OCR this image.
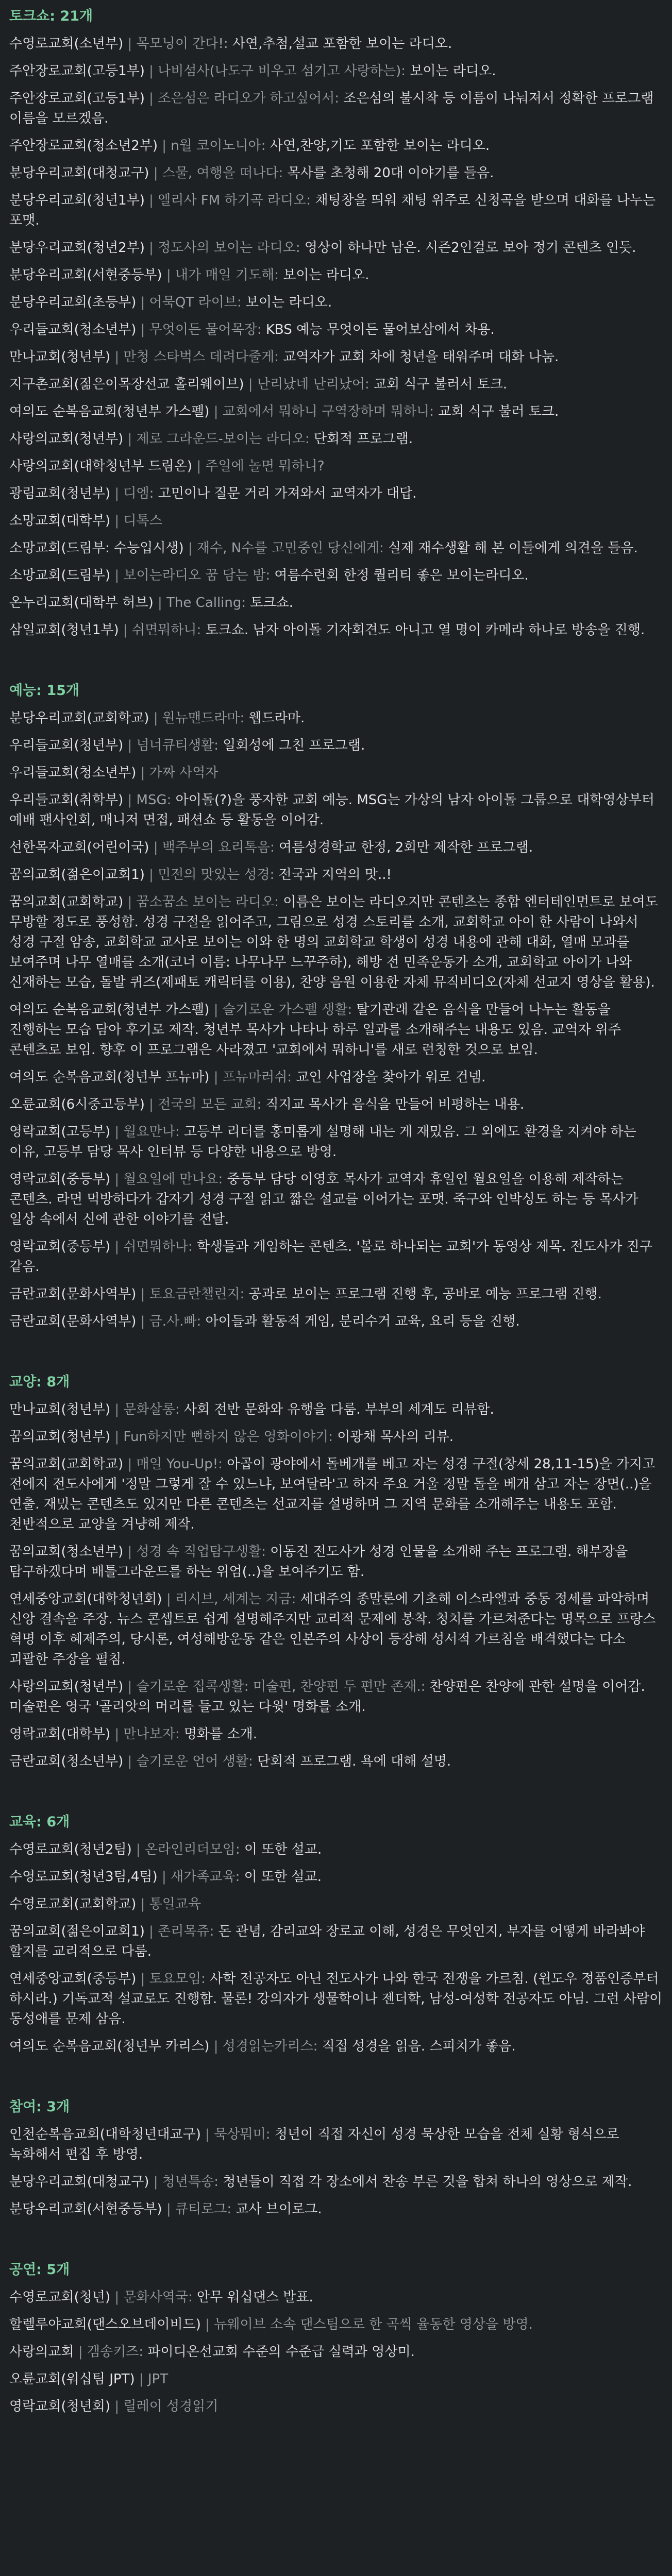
토크쇼: 21개
수영로교회(소년부) | 목모닝이 간다!: 사연,추첨,설교 포함한 보이는 라디오.
주안장로교회(고등1부) | 나비섬사(나도구 비우고 섬기고 사랑하는): 보이는 라디오.
주안장로교회(고등1부) | 조은섬은 라디오가 하고싶어서: 조은섬의 불시착 등 이름이 나눠져서 정확한 프로그램 이름을 모르겠음.
주안장로교회(청소년2부) | n월 코이노니아: 사연,찬양,기도 포함한 보이는 라디오.
분당우리교회(대청교구) | 스물, 여행을 떠나다: 목사를 초청해 20대 이야기를 들음.
분당우리교회(청년1부) | 엘리사 FM 하기곡 라디오: 채팅창을 띄워 채팅 위주로 신청곡을 받으며 대화를 나누는 포맷.
분당우리교회(청년2부) | 정도사의 보이는 라디오: 영상이 하나만 남은. 시즌2인걸로 보아 정기 콘텐츠 인듯.
분당우리교회(서현중등부) | 내가 매일 기도해: 보이는 라디오.
분당우리교회(초등부) | 어묵QT 라이브: 보이는 라디오.
우리들교회(청소년부) | 무엇이든 물어목장: KBS 예능 무엇이든 물어보삼에서 차용.
만나교회(청년부) | 만청 스타벅스 데려다줄게: 교역자가 교회 차에 청년을 태워주며 대화 나눔.
지구촌교회(젊은이목장선교 홀리웨이브) | 난리났네 난리났어: 교회 식구 불러서 토크.
여의도 순복음교회(청년부 가스펠) | 교회에서 뭐하니 구역장하며 뭐하니: 교회 식구 불러 토크.
사랑의교회(청년부) | 제로 그라운드-보이는 라디오: 단회적 프로그램.
사랑의교회(대학청년부 드림온) | 주일에 놀면 뭐하니?
광림교회(청년부) | 디엠: 고민이나 질문 거리 가져와서 교역자가 대답.
소망교회(대학부) | 디톡스
소망교회(드림부: 수능입시생) | 재수, N수를 고민중인 당신에게: 실제 재수생활 해 본 이들에게 의견을 들음.
소망교회(드림부) | 보이는라디오 꿈 담는 밤: 여름수련회 한정 퀄리티 좋은 보이는라디오.
온누리교회(대학부 허브) | The Calling: 토크쇼.
삼일교회(청년1부) | 쉬면뭐하니: 토크쇼. 남자 아이돌 기자회견도 아니고 열 명이 카메라 하나로 방송을 진행.
예능: 15개
분당우리교회(교회학교) | 원뉴맨드라마: 웹드라마.
우리들교회(청년부) | 넘너큐티생활: 일회성에 그친 프로그램.
우리들교회(청소년부) | 가짜 사역자
우리들교회(취학부) | MSG: 아이돌(?)을 풍자한 교회 예능. MSG는 가상의 남자 아이돌 그룹으로 대학영상부터 예배 팬사인회, 매니저 면접, 패션쇼 등 활동을 이어감.
선한목자교회(어린이국) | 백주부의 요리톡음: 여름성경학교 한정, 2회만 제작한 프로그램.
꿈의교회(젊은이교회1) | 민전의 맛있는 성경: 전국과 지역의 맛..!
꿈의교회(교회학교) | 꿈소꿈소 보이는 라디오: 이름은 보이는 라디오지만 콘텐츠는 종합 엔터테인먼트로 보여도 무방할 정도로 풍성함. 성경 구절을 읽어주고, 그림으로 성경 스토리를 소개, 교회학교 아이 한 사람이 나와서 성경 구절 암송, 교회학교 교사로 보이는 이와 한 명의 교회학교 학생이 성경 내용에 관해 대화, 열매 모과를 보여주며 나무 열매를 소개(코너 이름: 나무나무 느꾸주하), 해방 전 민족운동가 소개, 교회학교 아이가 나와 신재하는 모습, 돌발 퀴즈(제패토 캐릭터를 이용), 찬양 음원 이용한 자체 뮤직비디오(자체 선교지 영상을 활용).
여의도 순복음교회(청년부 가스펠) | 슬기로운 가스펠 생활: 탈기관래 같은 음식을 만들어 나누는 활동을 진행하는 모습 담아 후기로 제작. 청년부 목사가 나타나 하루 일과를 소개해주는 내용도 있음. 교역자 위주 콘텐츠로 보임. 향후 이 프로그램은 사라졌고 '교회에서 뭐하니'를 새로 런칭한 것으로 보임.
여의도 순복음교회(청년부 프뉴마) | 프뉴마러쉬: 교인 사업장을 찾아가 워로 건넴.
오륜교회(6시중고등부) | 전국의 모든 교회: 직지교 목사가 음식을 만들어 비평하는 내용.
영락교회(고등부) | 월요만나: 고등부 리더를 홍미롭게 설명해 내는 게 재밌음. 그 외에도 환경을 지켜야 하는 이유, 고등부 담당 목사 인터뷰 등 다양한 내용으로 방영.
영락교회(중등부) | 월요일에 만나요: 중등부 담당 이영호 목사가 교역자 휴일인 월요일을 이용해 제작하는 콘텐츠. 라면 먹방하다가 갑자기 성경 구절 읽고 짧은 설교를 이어가는 포맷. 죽구와 인박싱도 하는 등 목사가 일상 속에서 신에 관한 이야기를 전달.
영락교회(중등부) | 쉬면뭐하나: 학생들과 게임하는 콘텐츠. '볼로 하나되는 교회'가 동영상 제목. 전도사가 진구 같음.
금란교회(문화사역부) | 토요금란챌린지: 공과로 보이는 프로그램 진행 후, 공바로 예능 프로그램 진행.
금란교회(문화사역부) | 금.사.빠: 아이들과 활동적 게임, 분리수거 교육, 요리 등을 진행.
교양: 8개
만나교회(청년부) | 문화살롱: 사회 전반 문화와 유행을 다룸. 부부의 세계도 리뷰함.
꿈의교회(청년부) | Fun하지만 뻔하지 않은 영화이야기: 이광채 목사의 리뷰.
꿈의교회(교회학교) | 매일 You-Up!: 아곱이 광야에서 돌베개를 베고 자는 성경 구절(창세 28,11-15)을 가지고 전에지 전도사에게 '정말 그렇게 잘 수 있느냐, 보여달라'고 하자 주요 거울 정말 돌을 베개 삼고 자는 장면(..)을 연출. 재밌는 콘텐츠도 있지만 다른 콘텐츠는 선교지를 설명하며 그 지역 문화를 소개해주는 내용도 포함. 천반적으로 교양을 겨냥해 제작.
꿈의교회(청소년부) | 성경 속 직업탐구생활: 이동진 전도사가 성경 인물을 소개해 주는 프로그램. 해부장을 탐구하겠다며 배틀그라운드를 하는 위엄(..)을 보여주기도 함.
연세중앙교회(대학청년회) | 리시브, 세계는 지금: 세대주의 종말론에 기초해 이스라엘과 중동 정세를 파악하며 신앙 결속을 주장. 뉴스 콘셉트로 쉽게 설명해주지만 교리적 문제에 봉착. 청치를 가르쳐준다는 명목으로 프랑스 혁명 이후 혜제주의, 당시론, 여성해방운동 같은 인본주의 사상이 등장해 성서적 가르침을 배격했다는 다소 괴팔한 주장을 펼침.
사랑의교회(청년부) | 슬기로운 집콕생활: 미술편, 찬양편 두 편만 존재.: 찬양편은 찬양에 관한 설명을 이어감. 미술편은 영국 '골리앗의 머리를 들고 있는 다윗' 명화를 소개.
영락교회(대학부) | 만나보자: 명화를 소개.
금란교회(청소년부) | 슬기로운 언어 생활: 단회적 프로그램. 욕에 대해 설명.
교육: 6개
수영로교회(청년2팀) | 온라인리더모임: 이 또한 설교.
수영로교회(청년3팀,4팀) | 새가족교육: 이 또한 설교.
수영로교회(교회학교) | 통일교육
꿈의교회(젊은이교회1) | 존리목쥬: 돈 관념, 감리교와 장로교 이해, 성경은 무엇인지, 부자를 어떻게 바라봐야 할지를 교리적으로 다룸.
연세중앙교회(중등부) | 토요모임: 사학 전공자도 아닌 전도사가 나와 한국 전쟁을 가르침. (윈도우 정품인증부터 하시라.) 기독교적 설교로도 진행함. 물론! 강의자가 생물학이나 젠더학, 남성-여성학 전공자도 아님. 그런 사람이 동성애를 문제 삼음.
여의도 순복음교회(청년부 카리스) | 성경읽는카리스: 직접 성경을 읽음. 스피치가 좋음.
참여: 3개
인천순복음교회(대학청년대교구) | 묵상뭐미: 청년이 직접 자신이 성경 묵상한 모습을 전체 실황 형식으로 녹화해서 편집 후 방영.
분당우리교회(대청교구) | 청년특송: 청년들이 직접 각 장소에서 찬송 부른 것을 합쳐 하나의 영상으로 제작.
분당우리교회(서현중등부) | 큐티로그: 교사 브이로그.
공연: 5개
수영로교회(청년) | 문화사역국: 안무 워십댄스 발표.
할렐루야교회(댄스오브데이비드) | 뉴웨이브 소속 댄스팀으로 한 곡씩 율동한 영상을 방영.
사랑의교회 | 갬송키즈: 파이디온선교회 수준의 수준급 실력과 영상미.
오륜교회(워십팀 JPT) | JPT
영락교회(청년회) | 릴레이 성경읽기
